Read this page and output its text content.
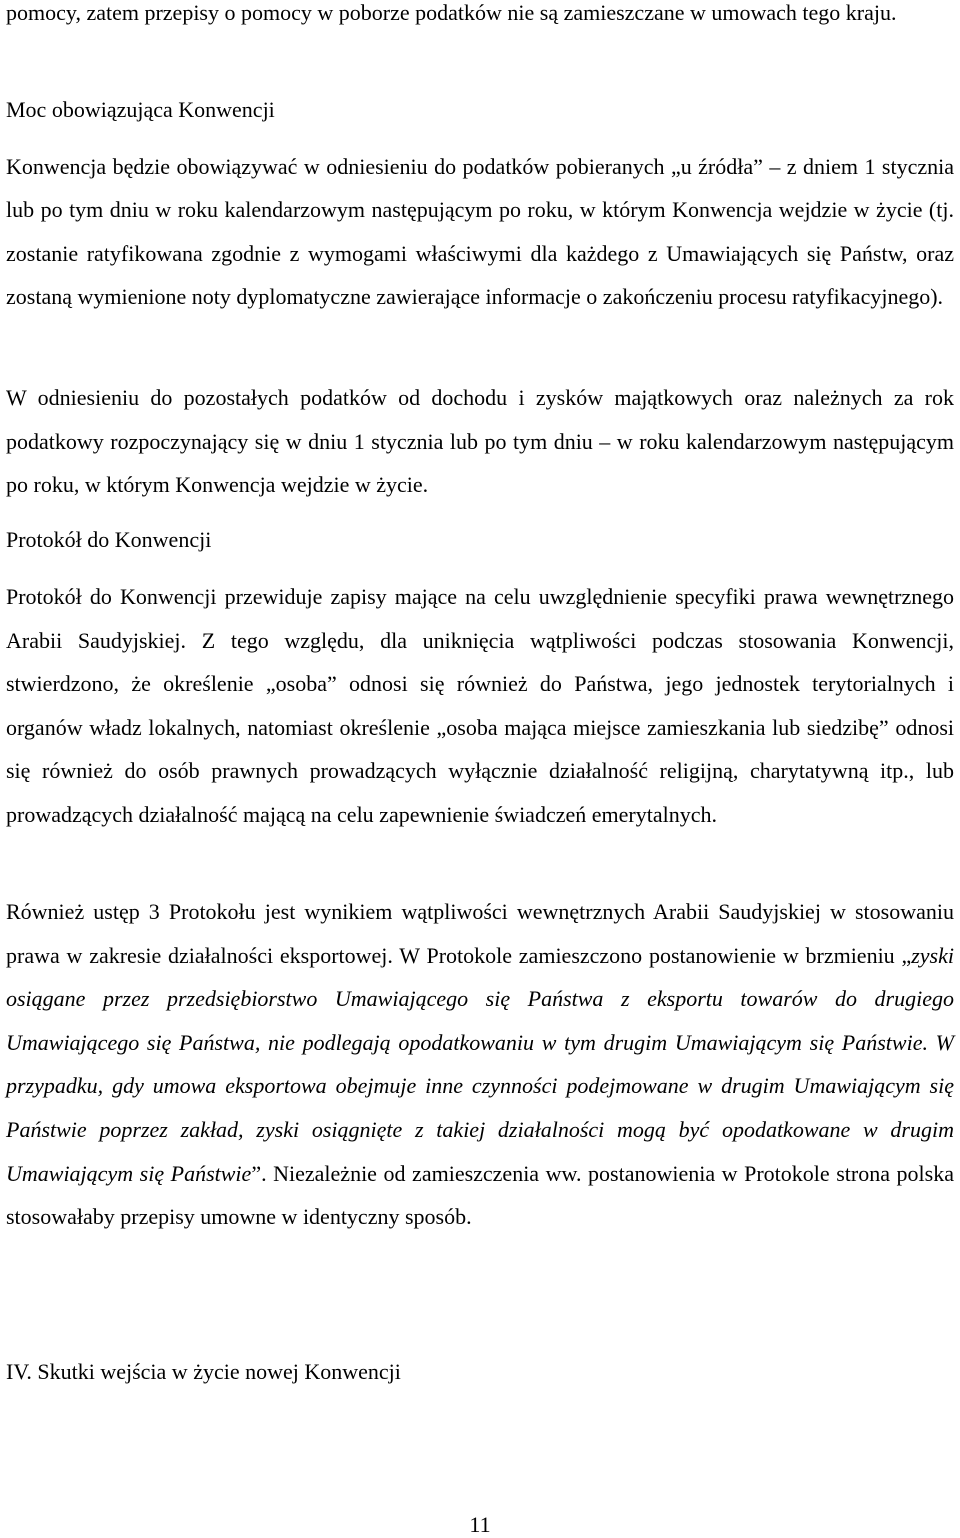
pomocy, zatem przepisy o pomocy w poborze podatków nie są zamieszczane w umowach tego kraju.

Moc obowiązująca Konwencji

Konwencja będzie obowiązywać w odniesieniu do podatków pobieranych „u źródła” – z dniem 1 stycznia lub po tym dniu w roku kalendarzowym następującym po roku, w którym Konwencja wejdzie w życie (tj. zostanie ratyfikowana zgodnie z wymogami właściwymi dla każdego z Umawiających się Państw, oraz zostaną wymienione noty dyplomatyczne zawierające informacje o zakończeniu procesu ratyfikacyjnego).

W odniesieniu do pozostałych podatków od dochodu i zysków majątkowych oraz należnych za rok podatkowy rozpoczynający się w dniu 1 stycznia lub po tym dniu – w roku kalendarzowym następującym po roku, w którym Konwencja wejdzie w życie.

Protokół do Konwencji

Protokół do Konwencji przewiduje zapisy mające na celu uwzględnienie specyfiki prawa wewnętrznego Arabii Saudyjskiej. Z tego względu, dla uniknięcia wątpliwości podczas stosowania Konwencji, stwierdzono, że określenie „osoba” odnosi się również do Państwa, jego jednostek terytorialnych i organów władz lokalnych, natomiast określenie „osoba mająca miejsce zamieszkania lub siedzibę” odnosi się również do osób prawnych prowadzących wyłącznie działalność religijną, charytatywną itp., lub prowadzących działalność mającą na celu zapewnienie świadczeń emerytalnych.

Również ustęp 3 Protokołu jest wynikiem wątpliwości wewnętrznych Arabii Saudyjskiej w stosowaniu prawa w zakresie działalności eksportowej. W Protokole zamieszczono postanowienie w brzmieniu „zyski osiągane przez przedsiębiorstwo Umawiającego się Państwa z eksportu towarów do drugiego Umawiającego się Państwa, nie podlegają opodatkowaniu w tym drugim Umawiającym się Państwie. W przypadku, gdy umowa eksportowa obejmuje inne czynności podejmowane w drugim Umawiającym się Państwie poprzez zakład, zyski osiągnięte z takiej działalności mogą być opodatkowane w drugim Umawiającym się Państwie”. Niezależnie od zamieszczenia ww. postanowienia w Protokole strona polska stosowałaby przepisy umowne w identyczny sposób.

IV. Skutki wejścia w życie nowej Konwencji

11
